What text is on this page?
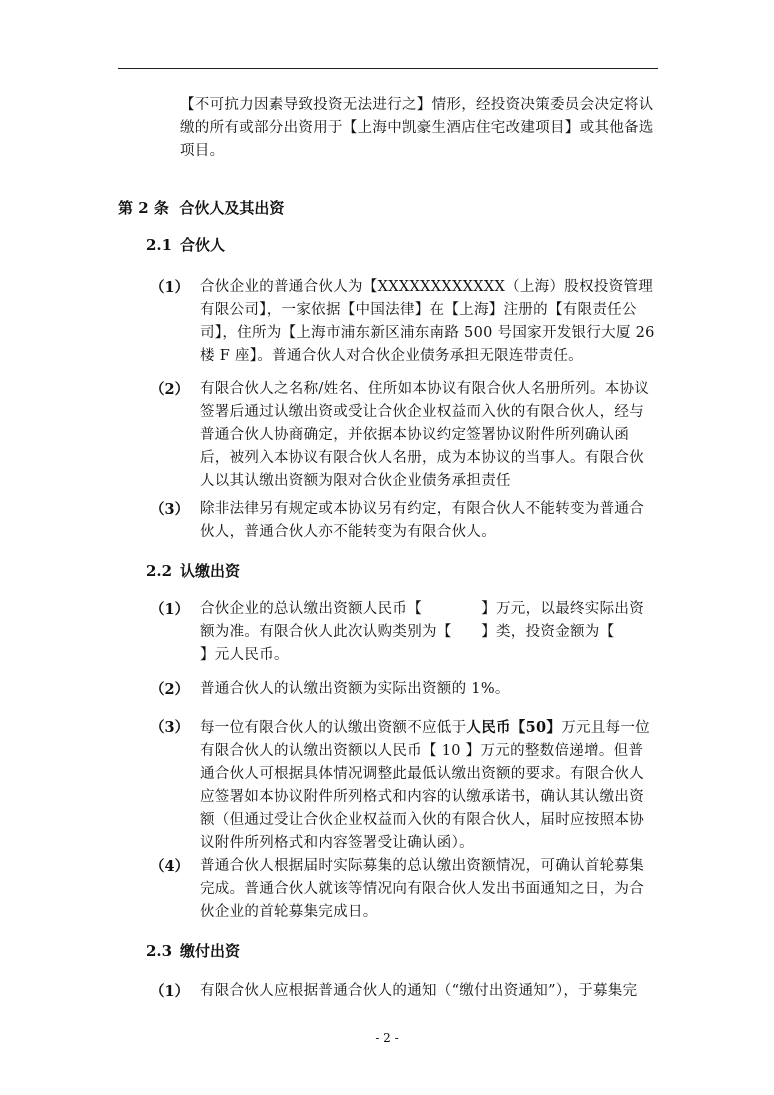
【不可抗力因素导致投资无法进行之】情形，经投资决策委员会决定将认缴的所有或部分出资用于【上海中凯豪生酒店住宅改建项目】或其他备选项目。

第 2 条 合伙人及其出资

2.1 合伙人

（1） 合伙企业的普通合伙人为【XXXXXXXXXXXX（上海）股权投资管理有限公司】，一家依据【中国法律】在【上海】注册的【有限责任公司】，住所为【上海市浦东新区浦东南路 500 号国家开发银行大厦 26 楼 F 座】。普通合伙人对合伙企业债务承担无限连带责任。

（2） 有限合伙人之名称/姓名、住所如本协议有限合伙人名册所列。本协议签署后通过认缴出资或受让合伙企业权益而入伙的有限合伙人，经与普通合伙人协商确定，并依据本协议约定签署协议附件所列确认函后，被列入本协议有限合伙人名册，成为本协议的当事人。有限合伙人以其认缴出资额为限对合伙企业债务承担责任

（3） 除非法律另有规定或本协议另有约定，有限合伙人不能转变为普通合伙人，普通合伙人亦不能转变为有限合伙人。

2.2 认缴出资

（1） 合伙企业的总认缴出资额人民币【　　　　】万元，以最终实际出资额为准。有限合伙人此次认购类别为【　　】类，投资金额为【　　　　　】元人民币。

（2） 普通合伙人的认缴出资额为实际出资额的 1%。

（3） 每一位有限合伙人的认缴出资额不应低于人民币【50】万元且每一位有限合伙人的认缴出资额以人民币【 10 】万元的整数倍递增。但普通合伙人可根据具体情况调整此最低认缴出资额的要求。有限合伙人应签署如本协议附件所列格式和内容的认缴承诺书，确认其认缴出资额（但通过受让合伙企业权益而入伙的有限合伙人，届时应按照本协议附件所列格式和内容签署受让确认函）。

（4） 普通合伙人根据届时实际募集的总认缴出资额情况，可确认首轮募集完成。普通合伙人就该等情况向有限合伙人发出书面通知之日，为合伙企业的首轮募集完成日。

2.3 缴付出资

（1） 有限合伙人应根据普通合伙人的通知（“缴付出资通知”），于募集完

- 2 -
